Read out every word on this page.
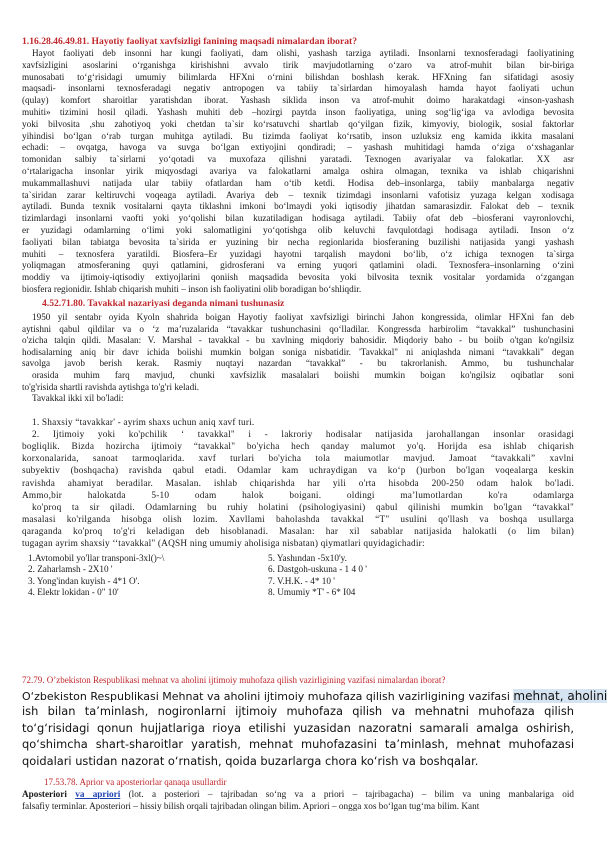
1.16.28.46.49.81. Hayotiy faoliyat xavfsizligi fanining maqsadi nimalardan iborat?
Hayot faoliyati deb insonni har kungi faoliyati, dam olishi, yashash tarziga aytiladi. Insonlarni texnosferadagi faoliyatining
xavfsizligini asoslarini o‘rganishga kirishishni avvalo tirik mavjudotlarning o‘zaro va atrof-muhit bilan bir-biriga
munosabati to‘g‘risidagi umumiy bilimlarda HFXni o‘rnini bilishdan boshlash kerak. HFXning fan sifatidagi asosiy
maqsadi- insonlarni texnosferadagi negativ antropogen va tabiiy ta`sirlardan himoyalash hamda hayot faoliyati uchun
(qulay) komfort sharoitlar yaratishdan iborat. Yashash siklida inson va atrof-muhit doimo harakatdagi «inson-yashash
muhiti» tizimini hosil qiladi. Yashash muhiti deb –hozirgi paytda inson faoliyatiga, uning sog‘lig‘iga va avlodiga bevosita
yoki bilvosita ,shu zahotiyoq yoki chetdan ta`sir ko‘rsatuvchi shartlab qo‘yilgan fizik, kimyoviy, biologik, sosial faktorlar
yihindisi bo‘lgan o‘rab turgan muhitga aytiladi. Bu tizimda faoliyat ko‘rsatib, inson uzluksiz eng kamida ikkita masalani
echadi: – ovqatga, havoga va suvga bo‘lgan extiyojini qondiradi; – yashash muhitidagi hamda o‘ziga o‘xshaganlar
tomonidan salbiy ta`sirlarni yo‘qotadi va muxofaza qilishni yaratadi. Texnogen avariyalar va falokatlar. XX asr
o‘rtalarigacha insonlar yirik miqyosdagi avariya va falokatlarni amalga oshira olmagan, texnika va ishlab chiqarishni
mukammallashuvi natijada ular tabiiy ofatlardan ham o‘tib ketdi. Hodisa deb–insonlarga, tabiiy manbalarga negativ
ta`siridan zarar keltiruvchi voqeaga aytiladi. Avariya deb – texnik tizimdagi insonlarni vafotisiz yuzaga kelgan xodisaga
aytiladi. Bunda texnik vositalarni qayta tiklashni imkoni bo‘lmaydi yoki iqtisodiy jihatdan samarasizdir. Falokat deb – texnik
tizimlardagi insonlarni vaofti yoki yo‘qolishi bilan kuzatiladigan hodisaga aytiladi. Tabiiy ofat deb –biosferani vayronlovchi,
er yuzidagi odamlarning o‘limi yoki salomatligini yo‘qotishga olib keluvchi favqulotdagi hodisaga aytiladi. Inson o‘z
faoliyati bilan tabiatga bevosita ta`sirida er yuzining bir necha regionlarida biosferaning buzilishi natijasida yangi yashash
muhiti – texnosfera yaratildi. Biosfera–Er yuzidagi hayotni tarqalish maydoni bo‘lib, o‘z ichiga texnogen ta`sirga
yoliqmagan atmosferaning quyi qatlamini, gidrosferani va erning yuqori qatlamini oladi. Texnosfera–insonlarning o‘zini
moddiy va ijtimoiy-iqtisodiy extiyojlarini qoniish maqsadida bevosita yoki bilvosita texnik vositalar yordamida o‘zgangan
biosfera regionidir. Ishlab chiqarish muhiti – inson ish faoliyatini olib boradigan bo‘shliqdir.
4.52.71.80. Tavakkal nazariyasi deganda nimani tushunasiz
1950 yil sentabr oyida Kyoln shahrida boigan Hayotiy faoliyat xavfsizligi birinchi Jahon kongressida, olimlar HFXni fan deb
aytishni qabul qildilar va o ‘z ma’ruzalarida “tavakkar tushunchasini qo‘lladilar. Kongressda harbirolim “tavakkal” tushunchasini
o'zicha talqin qildi. Masalan: V. Marshal - tavakkal - bu xavlning miqdoriy bahosidir. Miqdoriy baho - bu boiib o'tgan ko'ngilsiz
hodisalarning aniq bir davr ichida boiishi mumkin bolgan soniga nisbatidir. 'Tavakkal" ni aniqlashda nimani “tavakkali" degan
savolga javob berish kerak. Rasmiy nuqtayi nazardan “tavakkal” - bu takrorlanish. Ammo, bu tushunchalar
orasida muhim farq mavjud, chunki xavfsizlik masalalari boiishi mumkin boigan ko'ngilsiz oqibatlar soni
to'g'risida shartli ravishda aytishga to'g'ri keladi.
Tavakkal ikki xil bo'ladi:
1. Shaxsiy “tavakkar' - ayrim shaxs uchun aniq xavf turi.
2. Ijtimoiy yoki ko'pchilik ‘ tavakkal" i - lakroriy hodisalar natijasida jarohallangan insonlar orasidagi
bogliqlik. Bizda hozircha ijtimoiy “tavakkal" bo'yicha hech qanday malumot yo'q. Horijda esa ishlab chiqarish
korxonalarida, sanoat tarmoqlarida. xavf turlari bo'yicha tola maiumotlar mavjud. Jamoat “tavakkali” xavlni
subyektiv (boshqacha) ravishda qabul etadi. Odamlar kam uchraydigan va ko‘p ()urbon bo'lgan voqealarga keskin
ravishda ahamiyat beradilar. Masalan. ishlab chiqarishda har yili o'rta hisobda 200-250 odam halok bo'ladi.
Ammo,bir halokatda 5-10 odam halok boigani. oldingi ma’lumotlardan ko'ra odamlarga
ko'proq ta sir qiladi. Odamlarning bu ruhiy holatini (psihologiyasini) qabul qilinishi mumkin bo'lgan “tavakkal"
masalasi ko'rilganda hisobga olish lozim. Xavllami baholashda tavakkal “T" usulini qo'llash va boshqa usullarga
qaraganda ko'proq to'g'ri keladigan deb hisoblanadi. Masalan: har xil sabablar natijasida halokatli (o lim bilan)
tugagan ayrim shaxsiy ‘‘tavakkal" (AQSH ning umumiy aholisiga nisbatan) qiymatlari quyidagichadir:
1.Avtomobil yo'llar transponi-3xl()~\	5. Yashından -5x10'y.
2. Zaharlamsh - 2X10 '	6. Dastgoh-uskuna - 1 4 0 '
3. Yong'indan kuyish - 4*1 O'.	7. V.H.K. - 4* 10 '
4. Elektr lokidan - 0" 10'	8. Umumiy *T' - 6* I04
72.79. O’zbekiston Respublikasi mehnat va aholini ijtimoiy muhofaza qilish vazirligining vazifasi nimalardan iborat?
O‘zbekiston Respublikasi Mehnat va aholini ijtimoiy muhofaza qilish vazirligining vazifasi mehnat, aholini
ish bilan ta’minlash, nogironlarni ijtimoiy muhofaza qilish va mehnatni muhofaza qilish
to‘g‘risidagi qonun hujjatlariga rioya etilishi yuzasidan nazoratni samarali amalga oshirish,
qo‘shimcha shart-sharoitlar yaratish, mehnat muhofazasini ta’minlash, mehnat muhofazasi
qoidalari ustidan nazorat o‘rnatish, qoida buzarlarga chora ko‘rish va boshqalar.
17.53.78. Aprior va aposteriorlar qanaqa usullardir
Aposteriori va apriori (lot. a posteriori – tajribadan so‘ng va a priori – tajribagacha) – bilim va uning manbalariga oid
falsafiy terminlar. Aposteriori – hissiy bilish orqali tajribadan olingan bilim. Apriori – ongga xos bo‘lgan tug‘ma bilim. Kant
